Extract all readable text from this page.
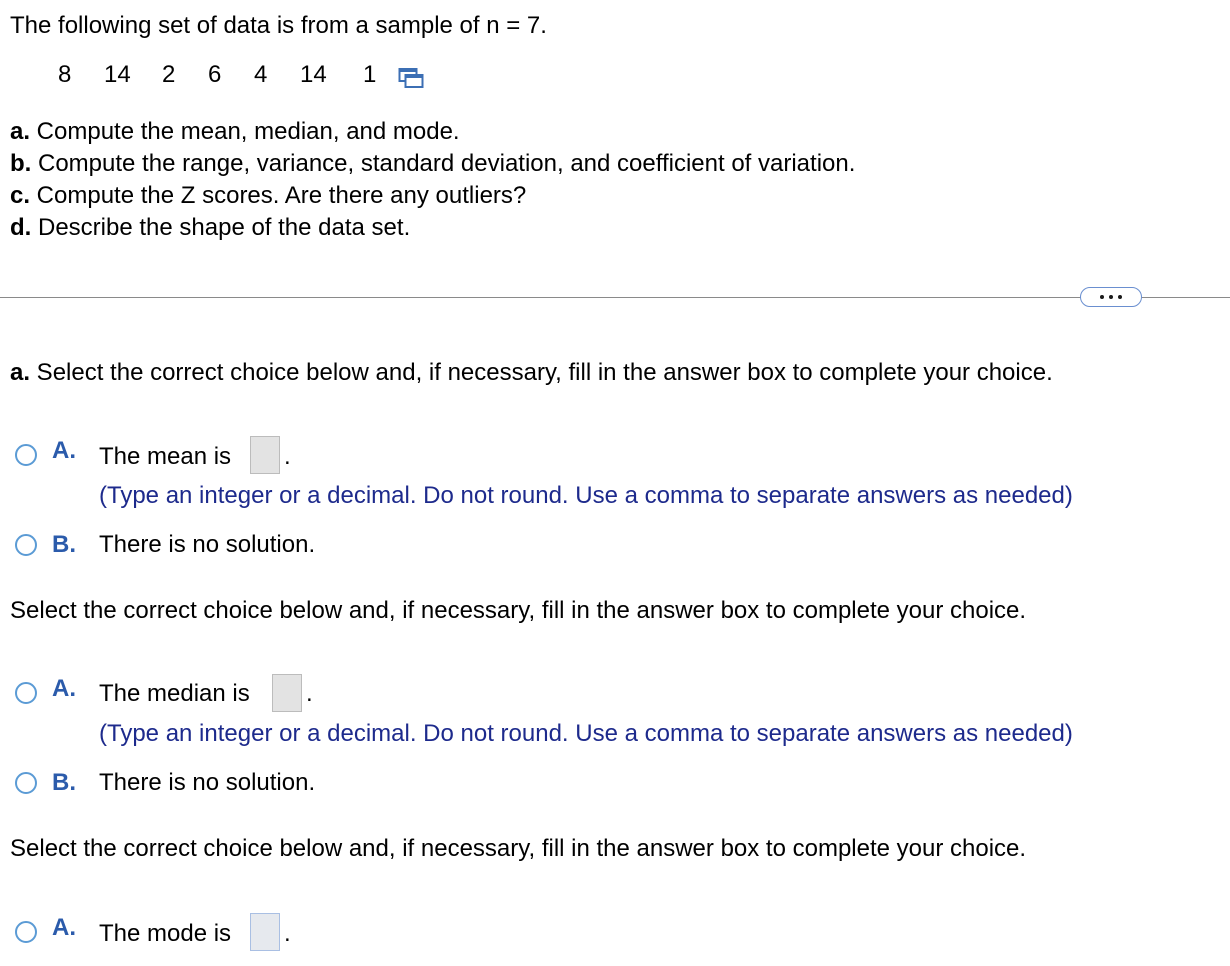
The following set of data is from a sample of n = 7.
8 14 2 6 4 14 1
a. Compute the mean, median, and mode.
b. Compute the range, variance, standard deviation, and coefficient of variation.
c. Compute the Z scores. Are there any outliers?
d. Describe the shape of the data set.
a. Select the correct choice below and, if necessary, fill in the answer box to complete your choice.
A. The mean is .
(Type an integer or a decimal. Do not round. Use a comma to separate answers as needed)
B. There is no solution.
Select the correct choice below and, if necessary, fill in the answer box to complete your choice.
A. The median is .
(Type an integer or a decimal. Do not round. Use a comma to separate answers as needed)
B. There is no solution.
Select the correct choice below and, if necessary, fill in the answer box to complete your choice.
A. The mode is .
